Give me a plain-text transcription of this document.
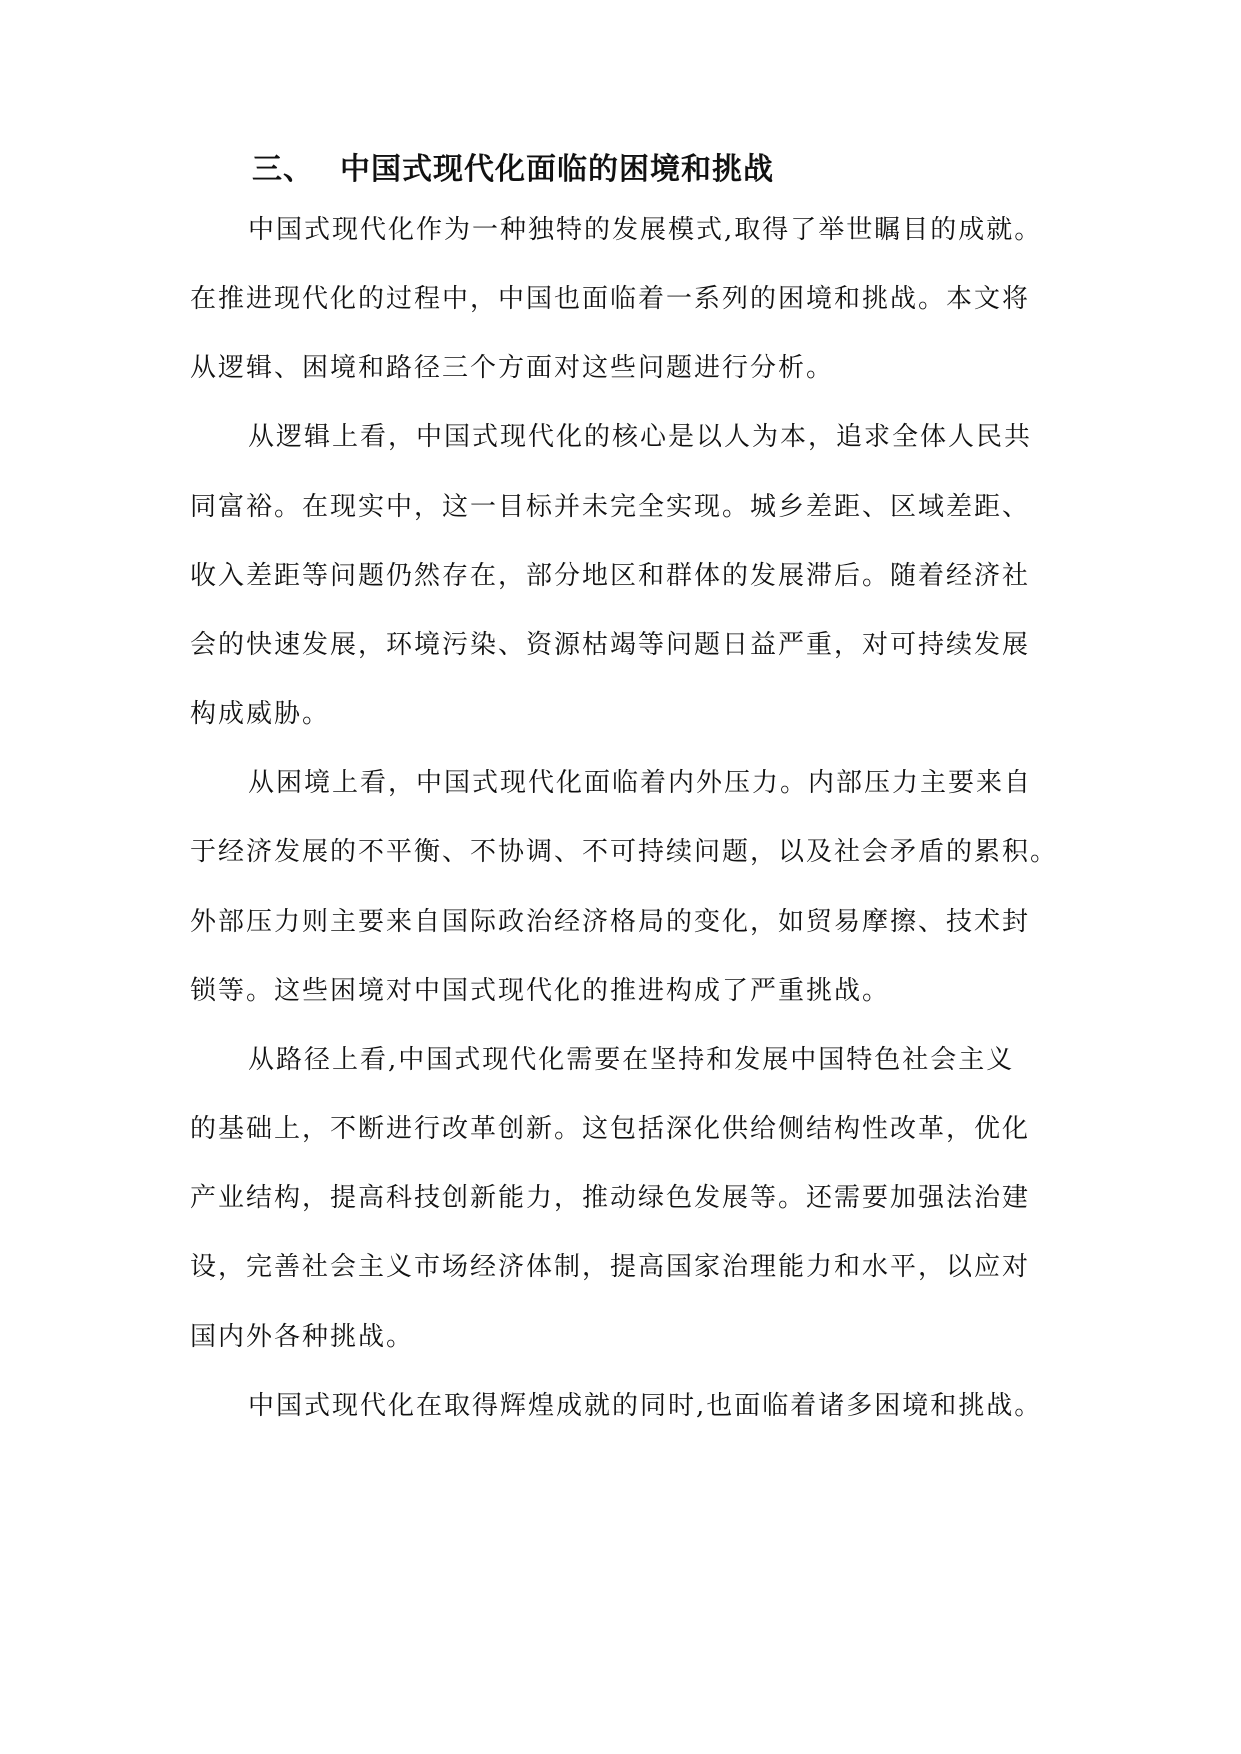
三、 中国式现代化面临的困境和挑战
中国式现代化作为一种独特的发展模式,取得了举世瞩目的成就。
在推进现代化的过程中，中国也面临着一系列的困境和挑战。本文将
从逻辑、困境和路径三个方面对这些问题进行分析。
从逻辑上看，中国式现代化的核心是以人为本，追求全体人民共
同富裕。在现实中，这一目标并未完全实现。城乡差距、区域差距、
收入差距等问题仍然存在，部分地区和群体的发展滞后。随着经济社
会的快速发展，环境污染、资源枯竭等问题日益严重，对可持续发展
构成威胁。
从困境上看，中国式现代化面临着内外压力。内部压力主要来自
于经济发展的不平衡、不协调、不可持续问题，以及社会矛盾的累积。
外部压力则主要来自国际政治经济格局的变化，如贸易摩擦、技术封
锁等。这些困境对中国式现代化的推进构成了严重挑战。
从路径上看,中国式现代化需要在坚持和发展中国特色社会主义
的基础上，不断进行改革创新。这包括深化供给侧结构性改革，优化
产业结构，提高科技创新能力，推动绿色发展等。还需要加强法治建
设，完善社会主义市场经济体制，提高国家治理能力和水平，以应对
国内外各种挑战。
中国式现代化在取得辉煌成就的同时,也面临着诸多困境和挑战。
